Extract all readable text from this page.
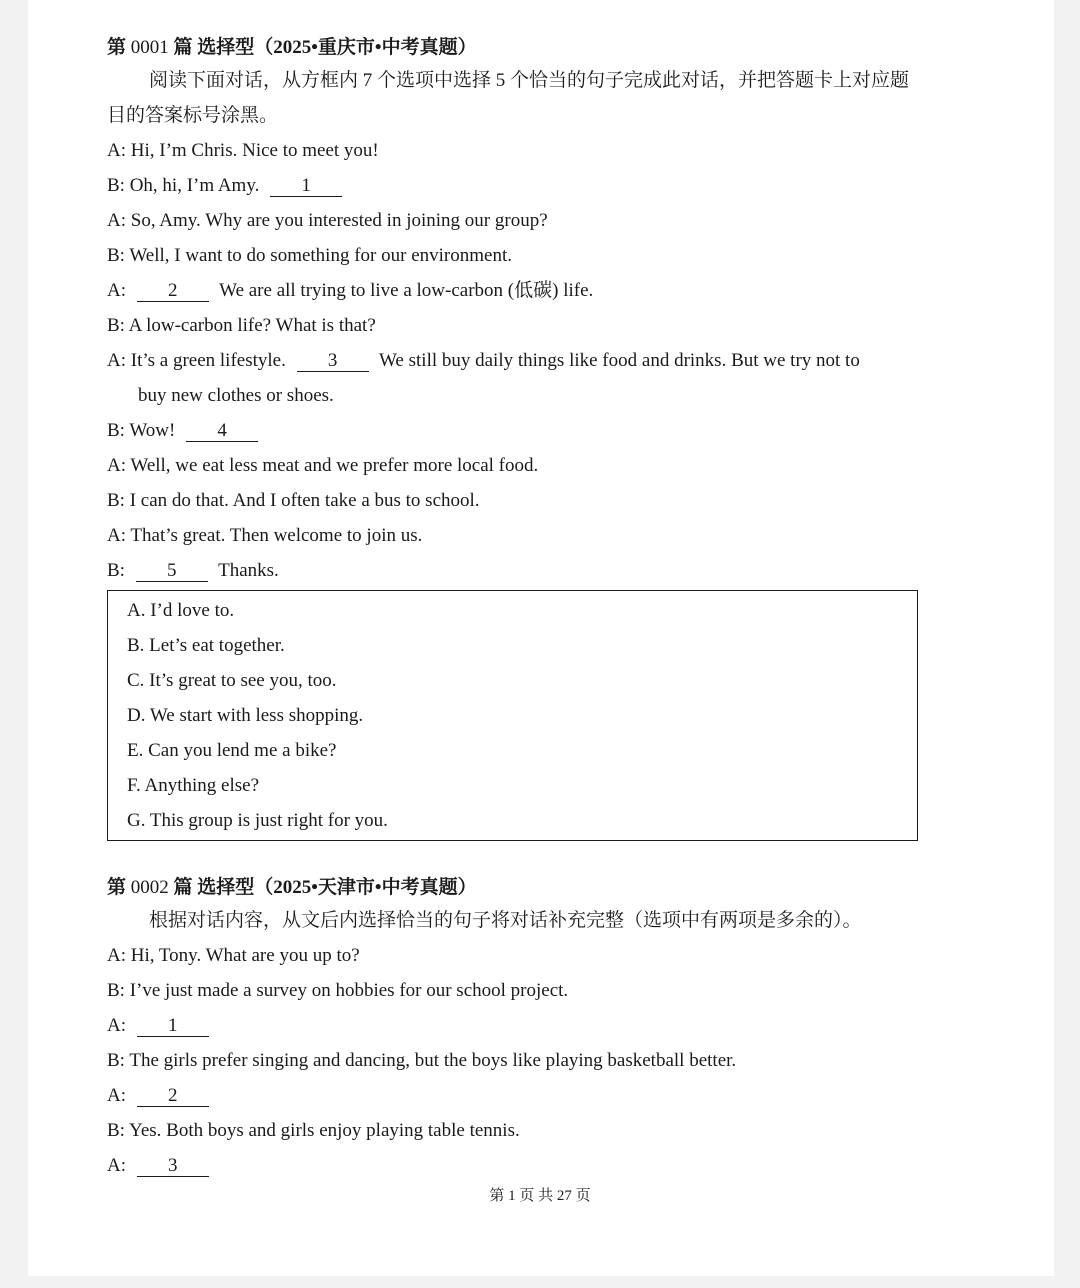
第 0001 篇 选择型（2025•重庆市•中考真题）
阅读下面对话，从方框内 7 个选项中选择 5 个恰当的句子完成此对话，并把答题卡上对应题目的答案标号涂黑。
A: Hi, I’m Chris. Nice to meet you!
B: Oh, hi, I’m Amy. 1
A: So, Amy. Why are you interested in joining our group?
B: Well, I want to do something for our environment.
A: 2 We are all trying to live a low-carbon (低碳) life.
B: A low-carbon life? What is that?
A: It’s a green lifestyle. 3 We still buy daily things like food and drinks. But we try not to
buy new clothes or shoes.
B: Wow! 4
A: Well, we eat less meat and we prefer more local food.
B: I can do that. And I often take a bus to school.
A: That’s great. Then welcome to join us.
B: 5 Thanks.
A. I’d love to.
B. Let’s eat together.
C. It’s great to see you, too.
D. We start with less shopping.
E. Can you lend me a bike?
F. Anything else?
G. This group is just right for you.
第 0002 篇 选择型（2025•天津市•中考真题）
根据对话内容，从文后内选择恰当的句子将对话补充完整（选项中有两项是多余的）。
A: Hi, Tony. What are you up to?
B: I’ve just made a survey on hobbies for our school project.
A: 1
B: The girls prefer singing and dancing, but the boys like playing basketball better.
A: 2
B: Yes. Both boys and girls enjoy playing table tennis.
A: 3
第 1 页 共 27 页
